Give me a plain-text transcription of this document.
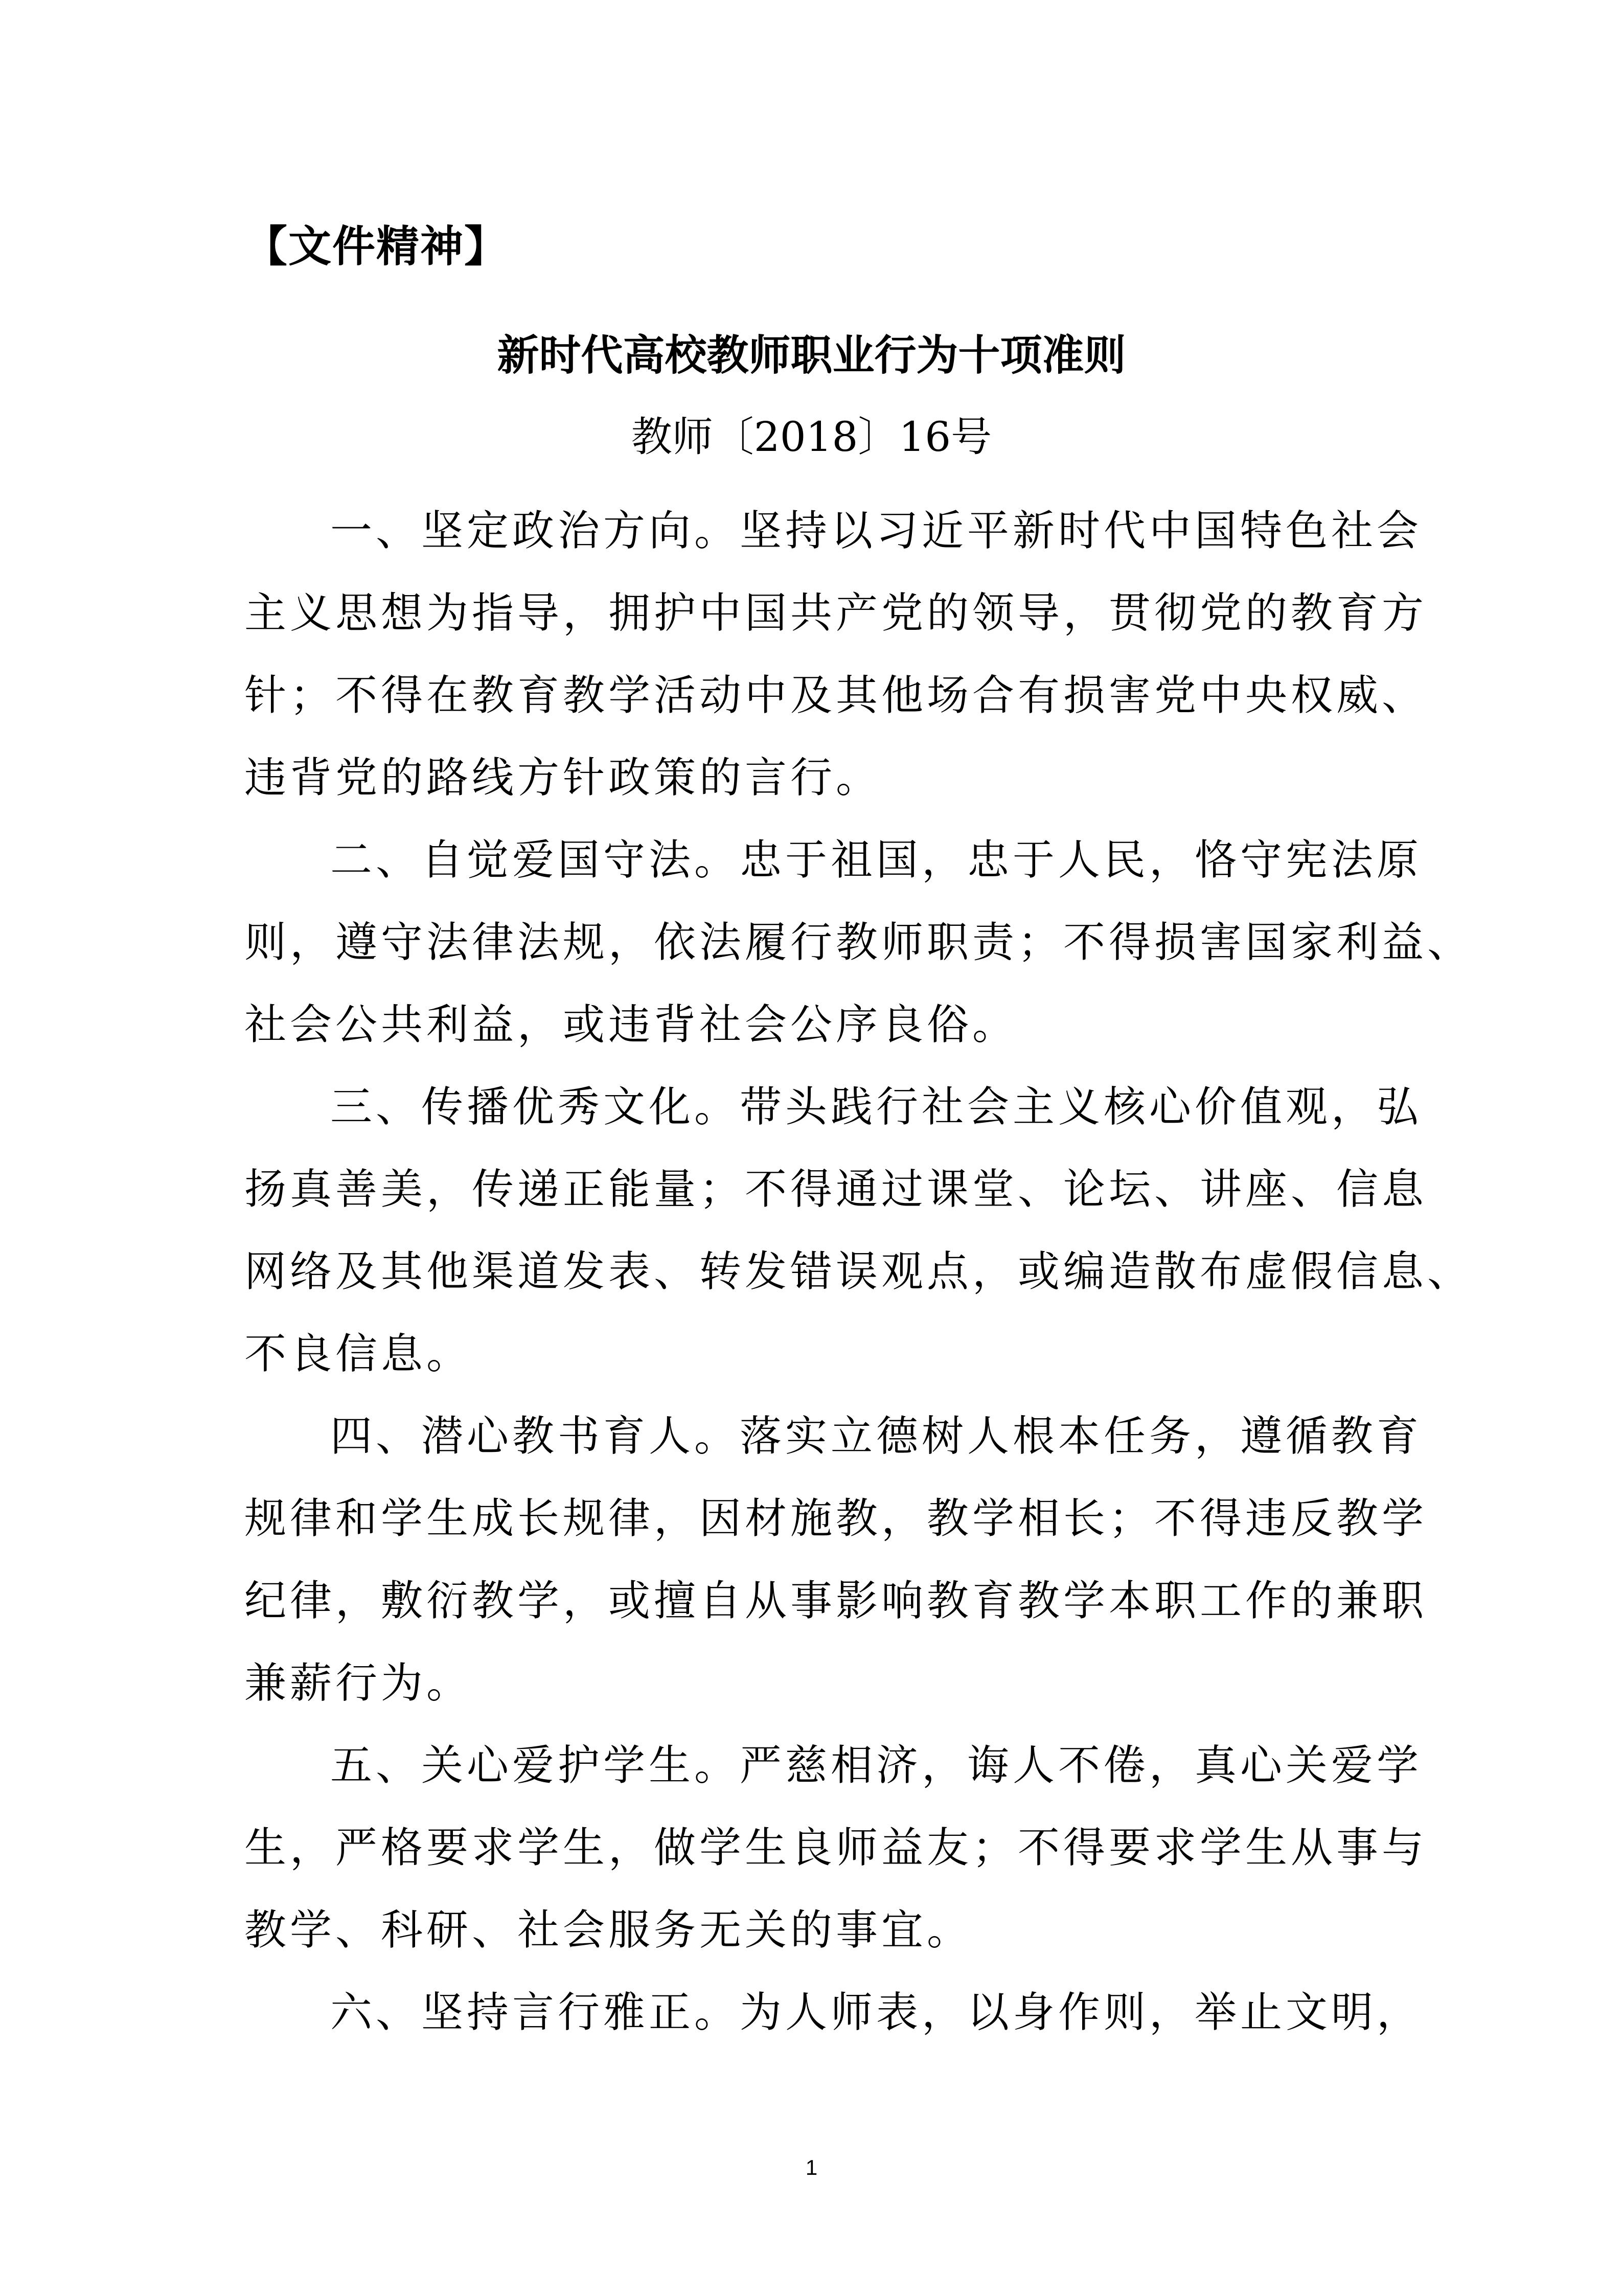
【文件精神】
新时代高校教师职业行为十项准则
教师〔2018〕16号
一、坚定政治方向。坚持以习近平新时代中国特色社会
主义思想为指导，拥护中国共产党的领导，贯彻党的教育方
针；不得在教育教学活动中及其他场合有损害党中央权威、
违背党的路线方针政策的言行。
二、自觉爱国守法。忠于祖国，忠于人民，恪守宪法原
则，遵守法律法规，依法履行教师职责；不得损害国家利益、
社会公共利益，或违背社会公序良俗。
三、传播优秀文化。带头践行社会主义核心价值观，弘
扬真善美，传递正能量；不得通过课堂、论坛、讲座、信息
网络及其他渠道发表、转发错误观点，或编造散布虚假信息、
不良信息。
四、潜心教书育人。落实立德树人根本任务，遵循教育
规律和学生成长规律，因材施教，教学相长；不得违反教学
纪律，敷衍教学，或擅自从事影响教育教学本职工作的兼职
兼薪行为。
五、关心爱护学生。严慈相济，诲人不倦，真心关爱学
生，严格要求学生，做学生良师益友；不得要求学生从事与
教学、科研、社会服务无关的事宜。
六、坚持言行雅正。为人师表，以身作则，举止文明，
1
